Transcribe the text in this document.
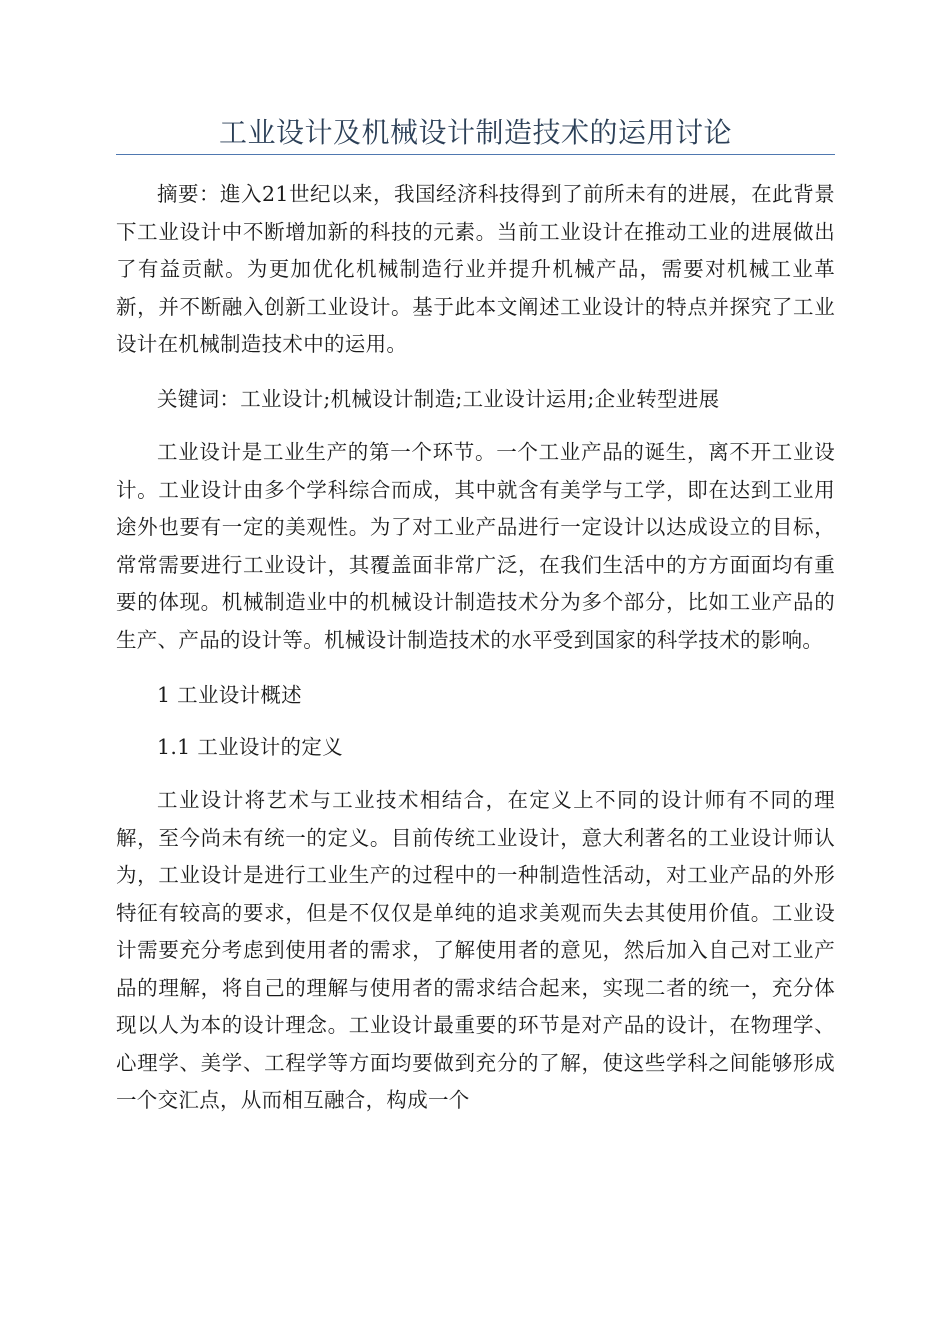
工业设计及机械设计制造技术的运用讨论

摘要：進入21世纪以来，我国经济科技得到了前所未有的进展，在此背景下工业设计中不断增加新的科技的元素。当前工业设计在推动工业的进展做出了有益贡献。为更加优化机械制造行业并提升机械产品，需要对机械工业革新，并不断融入创新工业设计。基于此本文阐述工业设计的特点并探究了工业设计在机械制造技术中的运用。

关键词：工业设计;机械设计制造;工业设计运用;企业转型进展

工业设计是工业生产的第一个环节。一个工业产品的诞生，离不开工业设计。工业设计由多个学科综合而成，其中就含有美学与工学，即在达到工业用途外也要有一定的美观性。为了对工业产品进行一定设计以达成设立的目标，常常需要进行工业设计，其覆盖面非常广泛，在我们生活中的方方面面均有重要的体现。机械制造业中的机械设计制造技术分为多个部分，比如工业产品的生产、产品的设计等。机械设计制造技术的水平受到国家的科学技术的影响。

1 工业设计概述

1.1 工业设计的定义

工业设计将艺术与工业技术相结合，在定义上不同的设计师有不同的理解，至今尚未有统一的定义。目前传统工业设计，意大利著名的工业设计师认为，工业设计是进行工业生产的过程中的一种制造性活动，对工业产品的外形特征有较高的要求，但是不仅仅是单纯的追求美观而失去其使用价值。工业设计需要充分考虑到使用者的需求，了解使用者的意见，然后加入自己对工业产品的理解，将自己的理解与使用者的需求结合起来，实现二者的统一，充分体现以人为本的设计理念。工业设计最重要的环节是对产品的设计，在物理学、心理学、美学、工程学等方面均要做到充分的了解，使这些学科之间能够形成一个交汇点，从而相互融合，构成一个
